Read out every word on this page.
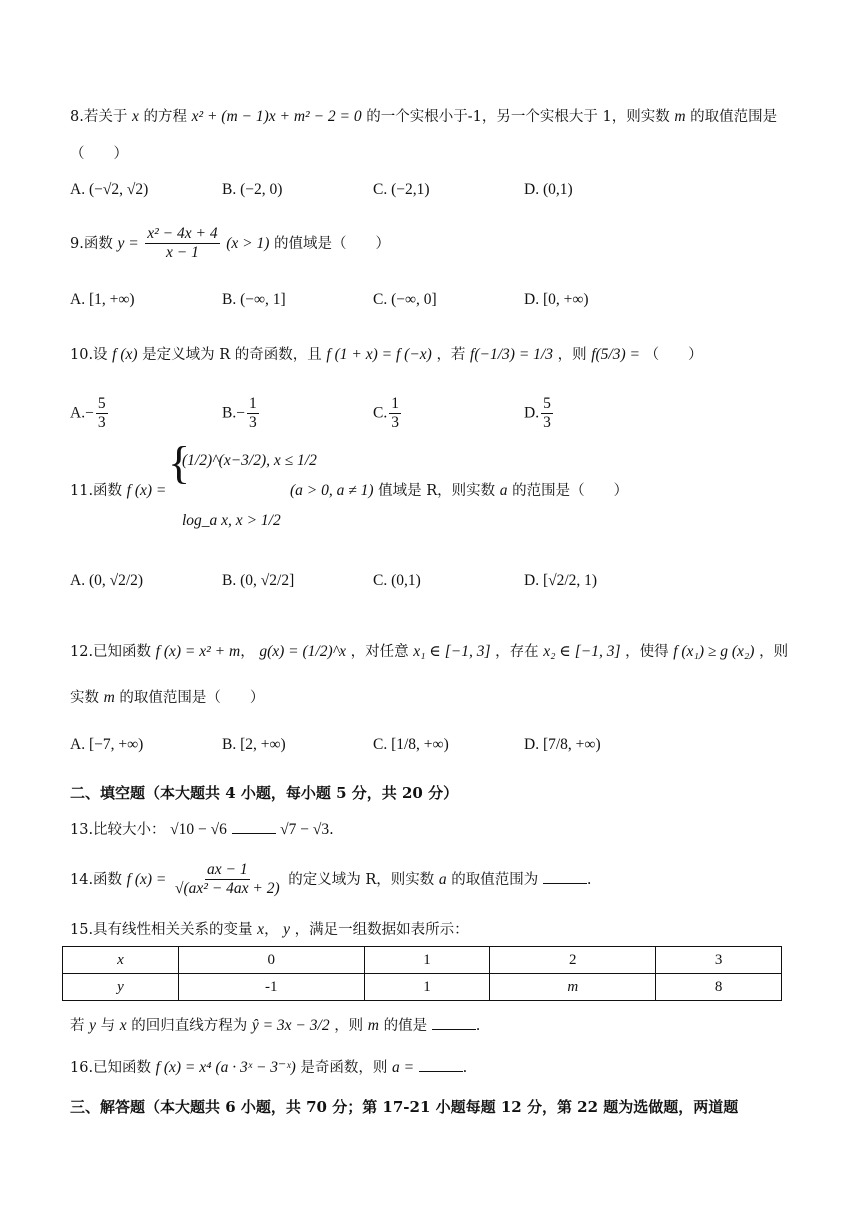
8.若关于 x 的方程 x² + (m − 1)x + m² − 2 = 0 的一个实根小于-1，另一个实根大于 1，则实数 m 的取值范围是
（　　）
A. (−√2, √2)	B. (−2, 0)	C. (−2,1)	D. (0,1)
9.函数 $y = \frac{\text{x² − 4x + 4}}{x - 1} (x > 1)$ 的值域是（　　）
A. [1, +∞)	B. (−∞, 1]	C. (−∞, 0]	D. [0, +∞)
10.设 f (x) 是定义域为 R 的奇函数，且 f (1 + x) = f (−x) ，若 f(−1/3) = 1/3 ，则 f(5/3) = （　　）
$A.- \frac{5}{3}$	$B.- \frac{1}{3}$	C. $\frac{1}{3}$	D. $\frac{5}{3}$
11.函数 f (x) =
{
(1/2)^(x−3/2), x ≤ 1/2
log_a x, x > 1/2
(a > 0, a ≠ 1) 值域是 R，则实数 a 的范围是（　　）
A. (0, √2/2)	B. (0, √2/2]	C. (0,1)	D. [√2/2, 1)
12.已知函数 f (x) = x² + m， g(x) = (1/2)^x ，对任意 x₁ ∈ [−1, 3] ，存在 x₂ ∈ [−1, 3] ，使得 f (x₁) ≥ g (x₂) ，则
实数 m 的取值范围是（　　）
A. [−7, +∞)	B. [2, +∞)	C. [1/8, +∞)	D. [7/8, +∞)
二、填空题（本大题共 4 小题，每小题 5 分，共 20 分）
13.比较大小： √10 − √6	√7 − √3.
14.函数 f $(x) = \frac{ax - 1}{\text{√(ax² − 4ax + 2)}}$ 的定义域为 R，则实数 a 的取值范围为	.
15.具有线性相关关系的变量 x， y ，满足一组数据如表所示：
x	0	1	2	3
y	-1	1	m	8
若 y 与 x 的回归直线方程为 ŷ = 3x − 3/2 ，则 m 的值是	.
16.已知函数 f (x) = x⁴ (a · 3ˣ − 3⁻ˣ) 是奇函数，则 a =	.
三、解答题（本大题共 6 小题，共 70 分；第 17-21 小题每题 12 分，第 22 题为选做题，两道题
